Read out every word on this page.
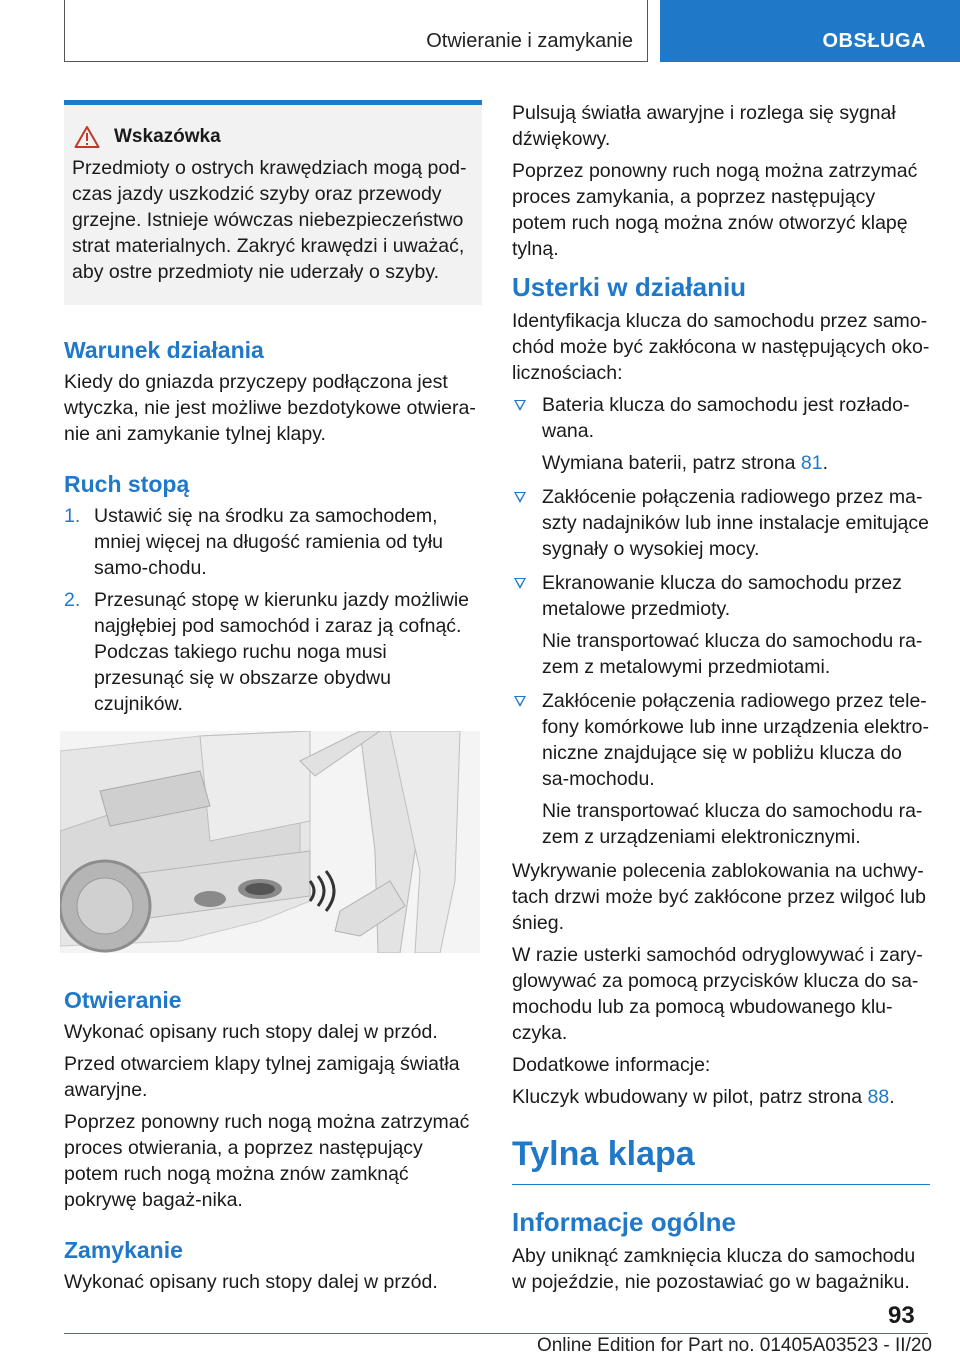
Otwieranie i zamykanie	OBSŁUGA
Wskazówka

Przedmioty o ostrych krawędziach mogą pod-czas jazdy uszkodzić szyby oraz przewody grzejne. Istnieje wówczas niebezpieczeństwo strat materialnych. Zakryć krawędzi i uważać, aby ostre przedmioty nie uderzały o szyby.

Warunek działania

Kiedy do gniazda przyczepy podłączona jest wtyczka, nie jest możliwe bezdotykowe otwiera-nie ani zamykanie tylnej klapy.

Ruch stopą
1. Ustawić się na środku za samochodem, mniej więcej na długość ramienia od tyłu samo-chodu.
2. Przesunąć stopę w kierunku jazdy możliwie najgłębiej pod samochód i zaraz ją cofnąć. Podczas takiego ruchu noga musi przesunąć się w obszarze obydwu czujników.
Otwieranie

Wykonać opisany ruch stopy dalej w przód.

Przed otwarciem klapy tylnej zamigają światła awaryjne.

Poprzez ponowny ruch nogą można zatrzymać proces otwierania, a poprzez następujący potem ruch nogą można znów zamknąć pokrywę bagaż-nika.

Zamykanie

Wykonać opisany ruch stopy dalej w przód.

Pulsują światła awaryjne i rozlega się sygnał dźwiękowy.

Poprzez ponowny ruch nogą można zatrzymać proces zamykania, a poprzez następujący potem ruch nogą można znów otworzyć klapę tylną.

Usterki w działaniu

Identyfikacja klucza do samochodu przez samo-chód może być zakłócona w następujących oko-licznościach:

Bateria klucza do samochodu jest rozłado-wana.

Wymiana baterii, patrz strona 81.

Zakłócenie połączenia radiowego przez ma-szty nadajników lub inne instalacje emitujące sygnały o wysokiej mocy.
Ekranowanie klucza do samochodu przez metalowe przedmioty.

Nie transportować klucza do samochodu ra-zem z metalowymi przedmiotami.

Zakłócenie połączenia radiowego przez tele-fony komórkowe lub inne urządzenia elektro-niczne znajdujące się w pobliżu klucza do sa-mochodu.

Nie transportować klucza do samochodu ra-zem z urządzeniami elektronicznymi.

Wykrywanie polecenia zablokowania na uchwy-tach drzwi może być zakłócone przez wilgoć lub śnieg.

W razie usterki samochód odryglowywać i zary-glowywać za pomocą przycisków klucza do sa-mochodu lub za pomocą wbudowanego klu-czyka.

Dodatkowe informacje:

Kluczyk wbudowany w pilot, patrz strona 88.

Tylna klapa
Informacje ogólne

Aby uniknąć zamknięcia klucza do samochodu w pojeździe, nie pozostawiać go w bagażniku.

93
Online Edition for Part no. 01405A03523 - II/20
